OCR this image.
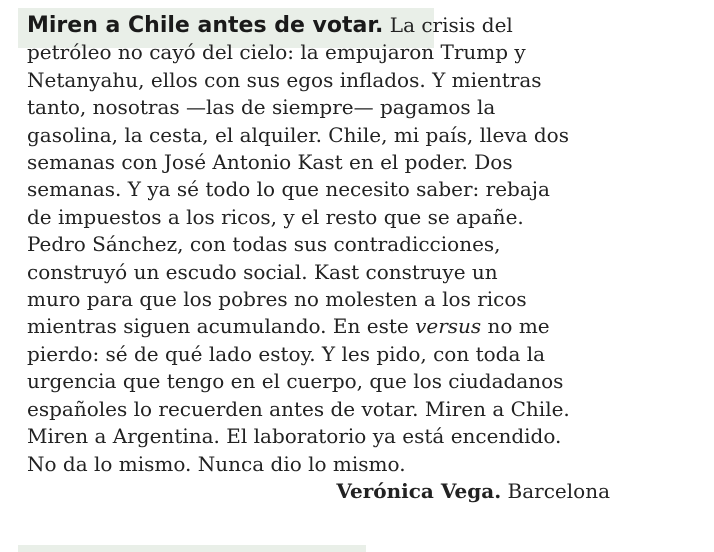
Miren a Chile antes de votar. La crisis del
petróleo no cayó del cielo: la empujaron Trump y
Netanyahu, ellos con sus egos inflados. Y mientras
tanto, nosotras —las de siempre— pagamos la
gasolina, la cesta, el alquiler. Chile, mi país, lleva dos
semanas con José Antonio Kast en el poder. Dos
semanas. Y ya sé todo lo que necesito saber: rebaja
de impuestos a los ricos, y el resto que se apañe.
Pedro Sánchez, con todas sus contradicciones,
construyó un escudo social. Kast construye un
muro para que los pobres no molesten a los ricos
mientras siguen acumulando. En este versus no me
pierdo: sé de qué lado estoy. Y les pido, con toda la
urgencia que tengo en el cuerpo, que los ciudadanos
españoles lo recuerden antes de votar. Miren a Chile.
Miren a Argentina. El laboratorio ya está encendido.
No da lo mismo. Nunca dio lo mismo.
Verónica Vega. Barcelona
